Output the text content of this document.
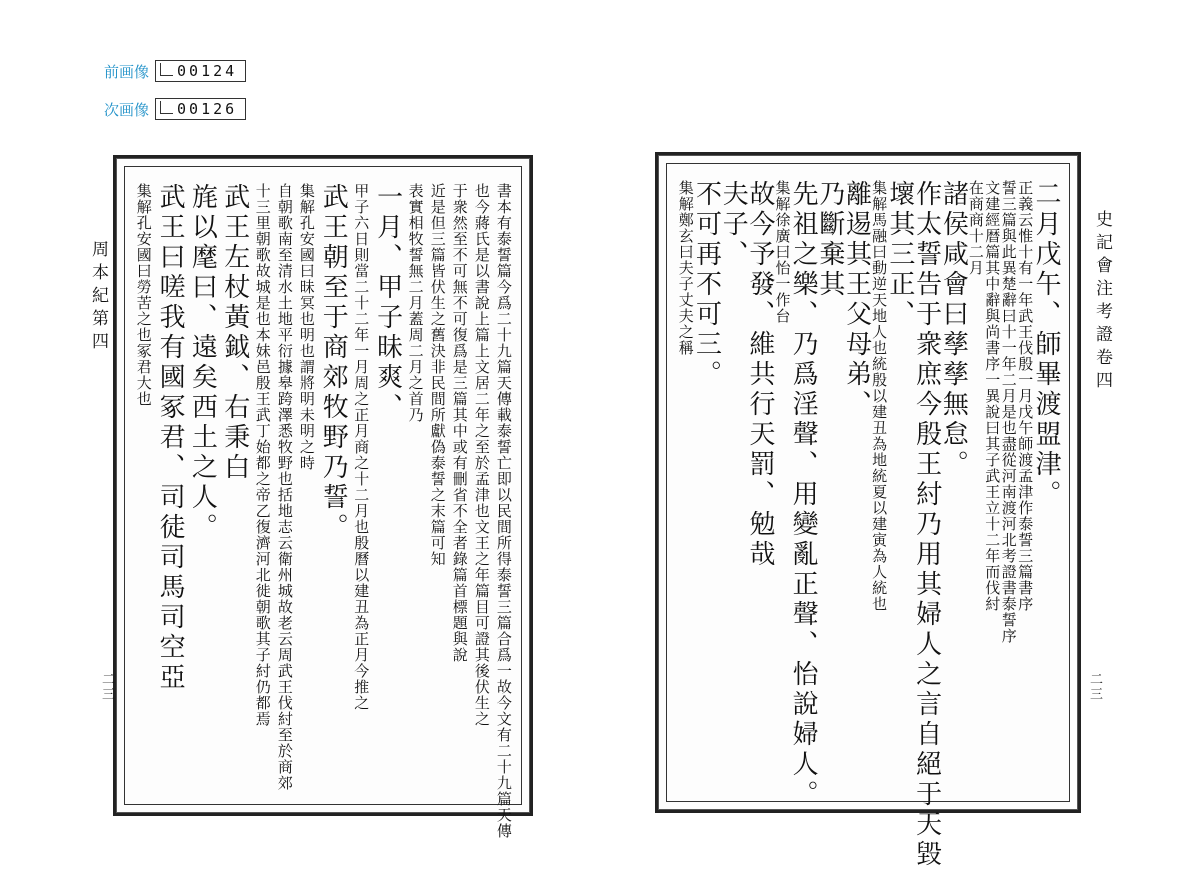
前画像 00124
次画像 00126
書本有泰誓篇今爲二十九篇天傳載泰誓亡即以民間所得泰誓三篇合爲一故今文有二十九篇天傳
也今蔣氏是以書說上篇上文居二年之至於孟津也文王之年篇目可證其後伏生之
于衆然至不可無不可復爲是三篇其中或有刪省不全者錄篇首標題與說
近是但三篇皆伏生之舊決非民間所獻偽泰誓之末篇可知
表實相牧誓無二月蓋周二月之首乃
一月、甲子昧爽、
甲子六日則當二十二年一月周之正月商之十二月也殷曆以建丑為正月今推之
武王朝至于商郊牧野乃誓。
集解孔安國曰昧冥也明也謂將明未明之時
自朝歌南至清水土地平衍據皋跨澤悉牧野也括地志云衛州城故老云周武王伐紂至於商郊
十三里朝歌故城是也本妹邑殷王武丁始都之帝乙復濟河北徙朝歌其子紂仍都焉
武王左杖黃鉞、右秉白
旄以麾曰、遠矣西土之人。
武王曰嗟我有國冢君、司徒司馬司空亞
集解孔安國曰勞苦之也冢君大也
周本紀第四
二三
二月戊午、師畢渡盟津。
正義云惟十有一年武王伐殷一月戊午師渡孟津作泰誓三篇書序
誓三篇與此異楚辭曰十一年二月是也盡從河南渡河北考證書泰誓序
文建經暦篇其中辭與尚書序一異說曰其子武王立十二年而伐紂
在商商十二月
諸侯咸會曰孳孳無怠。
作太誓告于衆庶今殷王紂乃用其婦人之言自絕于天毀
壞其三正、
集解馬融曰動逆天地人也統殷以建丑為地統夏以建寅為人統也
離逷其王父母弟、
乃斷棄其
先祖之樂、乃爲淫聲、用變亂正聲、怡說婦人。
集解徐廣曰怡一作台
故今予發、維共行天罰、勉哉
夫子、
不可再不可三。
集解鄭玄曰夫子丈夫之稱	史記會注考證卷四
二三
